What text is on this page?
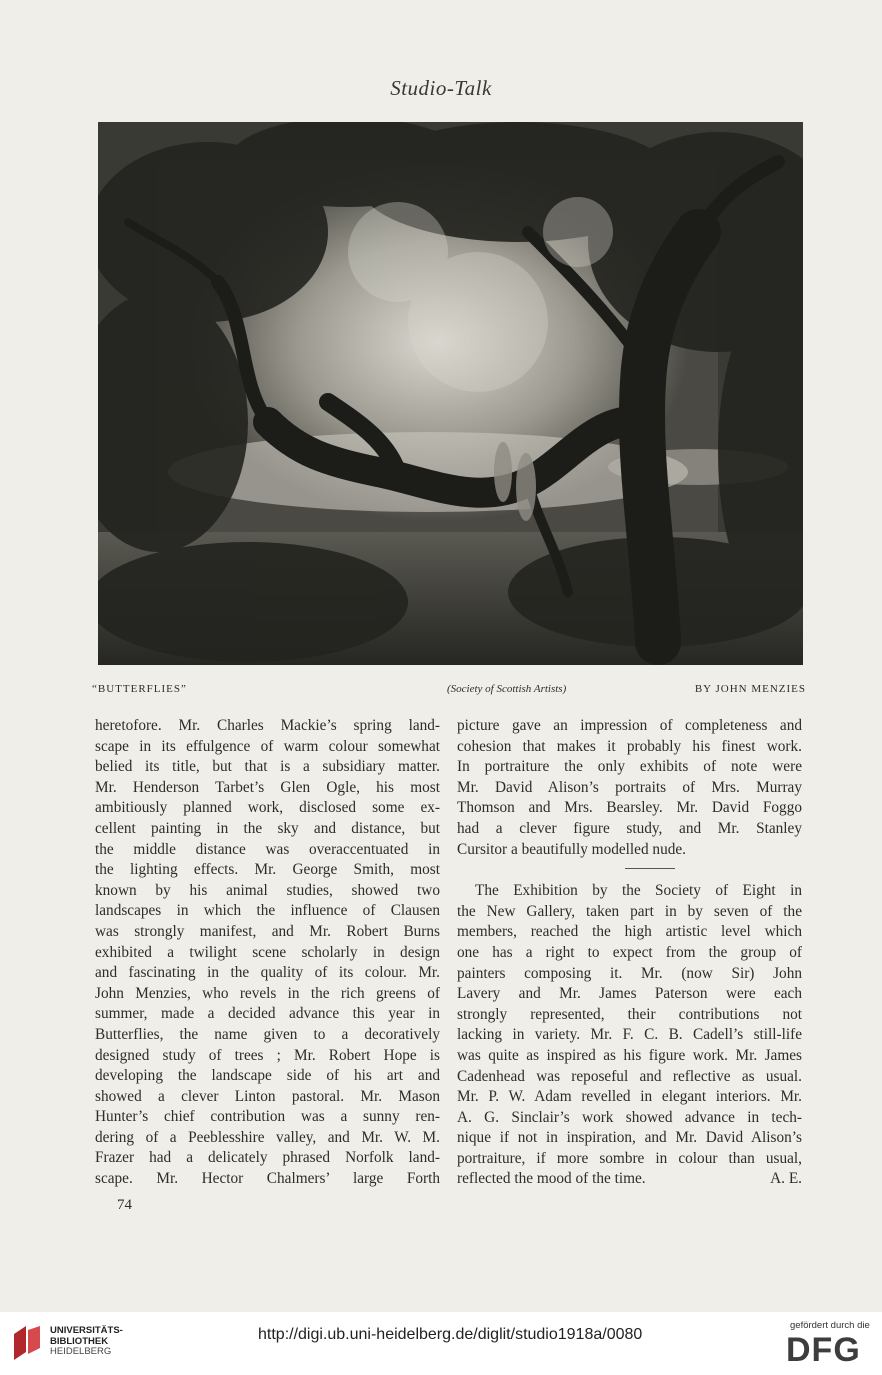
Studio-Talk
“BUTTERFLIES”	(Society of Scottish Artists)	BY JOHN MENZIES
heretofore. Mr. Charles Mackie’s spring land-
scape in its effulgence of warm colour somewhat
belied its title, but that is a subsidiary matter.
Mr. Henderson Tarbet’s Glen Ogle, his most
ambitiously planned work, disclosed some ex-
cellent painting in the sky and distance, but
the middle distance was overaccentuated in
the lighting effects. Mr. George Smith, most
known by his animal studies, showed two
landscapes in which the influence of Clausen
was strongly manifest, and Mr. Robert Burns
exhibited a twilight scene scholarly in design
and fascinating in the quality of its colour. Mr.
John Menzies, who revels in the rich greens of
summer, made a decided advance this year in
Butterflies, the name given to a decoratively
designed study of trees ; Mr. Robert Hope is
developing the landscape side of his art and
showed a clever Linton pastoral. Mr. Mason
Hunter’s chief contribution was a sunny ren-
dering of a Peeblesshire valley, and Mr. W. M.
Frazer had a delicately phrased Norfolk land-
scape. Mr. Hector Chalmers’ large Forth
picture gave an impression of completeness and
cohesion that makes it probably his finest work.
In portraiture the only exhibits of note were
Mr. David Alison’s portraits of Mrs. Murray
Thomson and Mrs. Bearsley. Mr. David Foggo
had a clever figure study, and Mr. Stanley
Cursitor a beautifully modelled nude.
The Exhibition by the Society of Eight in
the New Gallery, taken part in by seven of the
members, reached the high artistic level which
one has a right to expect from the group of
painters composing it. Mr. (now Sir) John
Lavery and Mr. James Paterson were each
strongly represented, their contributions not
lacking in variety. Mr. F. C. B. Cadell’s still-life
was quite as inspired as his figure work. Mr. James
Cadenhead was reposeful and reflective as usual.
Mr. P. W. Adam revelled in elegant interiors. Mr.
A. G. Sinclair’s work showed advance in tech-
nique if not in inspiration, and Mr. David Alison’s
portraiture, if more sombre in colour than usual,
reflected the mood of the time.	A. E.
74
UNIVERSITÄTS-
BIBLIOTHEK
HEIDELBERG
http://digi.ub.uni-heidelberg.de/diglit/studio1918a/0080
gefördert durch die
DFG
